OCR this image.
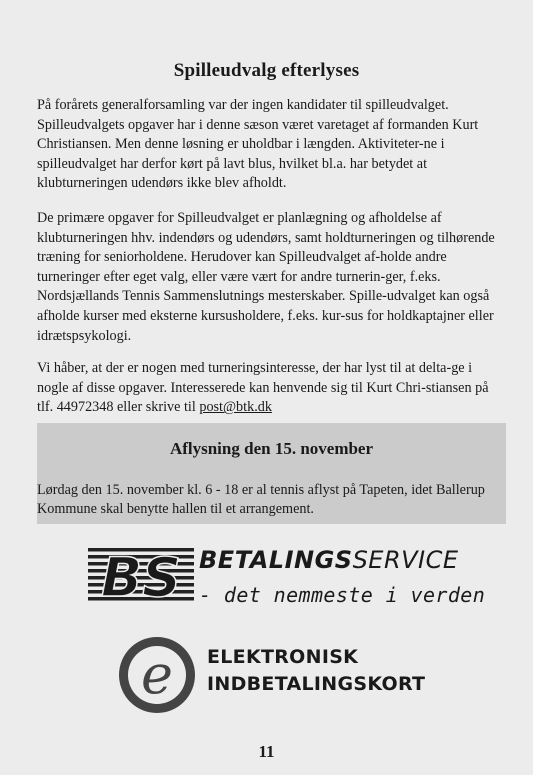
Spilleudvalg efterlyses
På forårets generalforsamling var der ingen kandidater til spilleudvalget. Spilleudvalgets opgaver har i denne sæson været varetaget af formanden Kurt Christiansen. Men denne løsning er uholdbar i længden. Aktiviteter-ne i spilleudvalget har derfor kørt på lavt blus, hvilket bl.a. har betydet at klubturneringen udendørs ikke blev afholdt.
De primære opgaver for Spilleudvalget er planlægning og afholdelse af klubturneringen hhv. indendørs og udendørs, samt holdturneringen og tilhørende træning for seniorholdene. Herudover kan Spilleudvalget af-holde andre turneringer efter eget valg, eller være vært for andre turnerin-ger, f.eks. Nordsjællands Tennis Sammenslutnings mesterskaber. Spille-udvalget kan også afholde kurser med eksterne kursusholdere, f.eks. kur-sus for holdkaptajner eller idrætspsykologi.
Vi håber, at der er nogen med turneringsinteresse, der har lyst til at delta-ge i nogle af disse opgaver. Interesserede kan henvende sig til Kurt Chri-stiansen på tlf. 44972348 eller skrive til post@btk.dk
Aflysning den 15. november
Lørdag den 15. november kl. 6 - 18 er al tennis aflyst på Tapeten, idet Ballerup Kommune skal benytte hallen til et arrangement.
BS BETALINGSSERVICE
- det nemmeste i verden
e ELEKTRONISK
INDBETALINGSKORT
11
